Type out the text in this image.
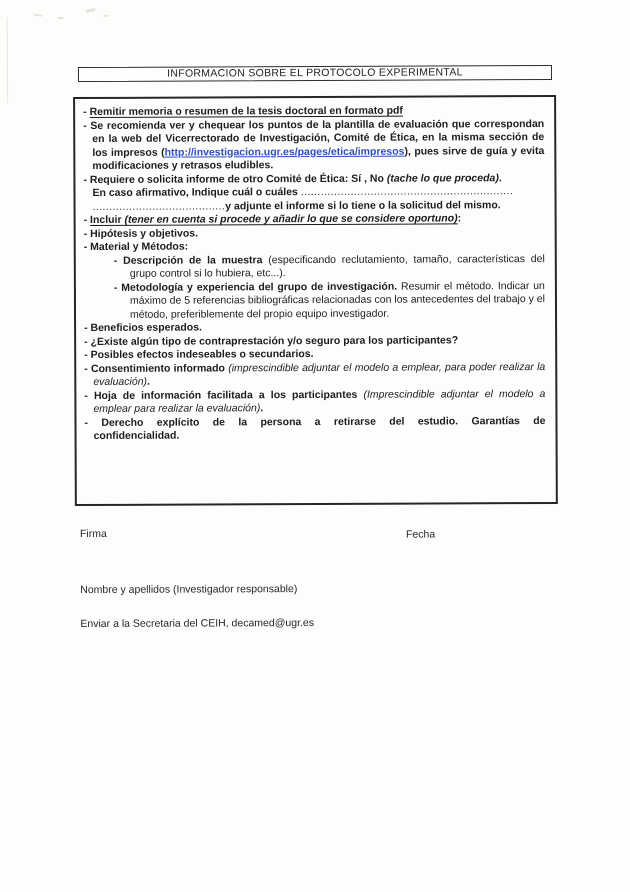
INFORMACION SOBRE EL PROTOCOLO EXPERIMENTAL

- Remitir memoria o resumen de la tesis doctoral en formato pdf

- Se recomienda ver y chequear los puntos de la plantilla de evaluación que correspondan en la web del Vicerrectorado de Investigación, Comité de Ética, en la misma sección de los impresos (http://investigacion.ugr.es/pages/etica/impresos), pues sirve de guía y evita modificaciones y retrasos eludibles.

- Requiere o solicita informe de otro Comité de Ética: Sí , No (tache lo que proceda).
En caso afirmativo, Indique cuál o cuáles ................................................................
........................................y adjunte el informe si lo tiene o la solicitud del mismo.

- Incluir (tener en cuenta si procede y añadir lo que se considere oportuno):

- Hipótesis y objetivos.

- Material y Métodos:

- Descripción de la muestra (especificando reclutamiento, tamaño, características del grupo control si lo hubiera, etc...).

- Metodología y experiencia del grupo de investigación. Resumir el método. Indicar un máximo de 5 referencias bibliográficas relacionadas con los antecedentes del trabajo y el método, preferiblemente del propio equipo investigador.

- Beneficios esperados.

- ¿Existe algún tipo de contraprestación y/o seguro para los participantes?

- Posibles efectos indeseables o secundarios.

- Consentimiento informado (imprescindible adjuntar el modelo a emplear, para poder realizar la evaluación).

- Hoja de información facilitada a los participantes (Imprescindible adjuntar el modelo a emplear para realizar la evaluación).

- Derecho explícito de la persona a retirarse del estudio. Garantías de confidencialidad.

Firma	Fecha
Nombre y apellidos (Investigador responsable)
Enviar a la Secretaria del CEIH, decamed@ugr.es
